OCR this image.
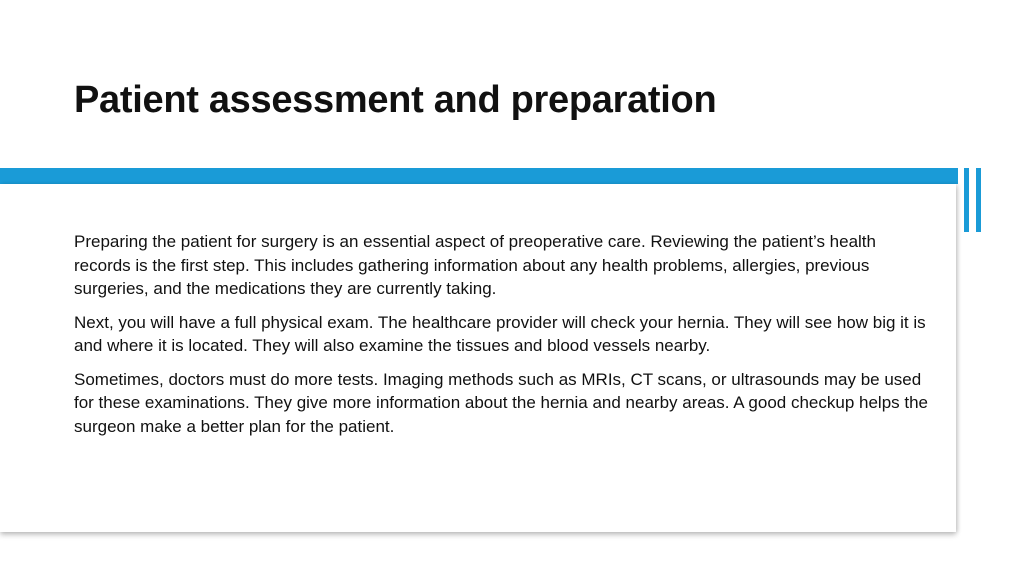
Patient assessment and preparation

Preparing the patient for surgery is an essential aspect of preoperative care. Reviewing the patient’s health records is the first step. This includes gathering information about any health problems, allergies, previous surgeries, and the medications they are currently taking.

Next, you will have a full physical exam. The healthcare provider will check your hernia. They will see how big it is and where it is located. They will also examine the tissues and blood vessels nearby.

Sometimes, doctors must do more tests. Imaging methods such as MRIs, CT scans, or ultrasounds may be used for these examinations. They give more information about the hernia and nearby areas. A good checkup helps the surgeon make a better plan for the patient.
